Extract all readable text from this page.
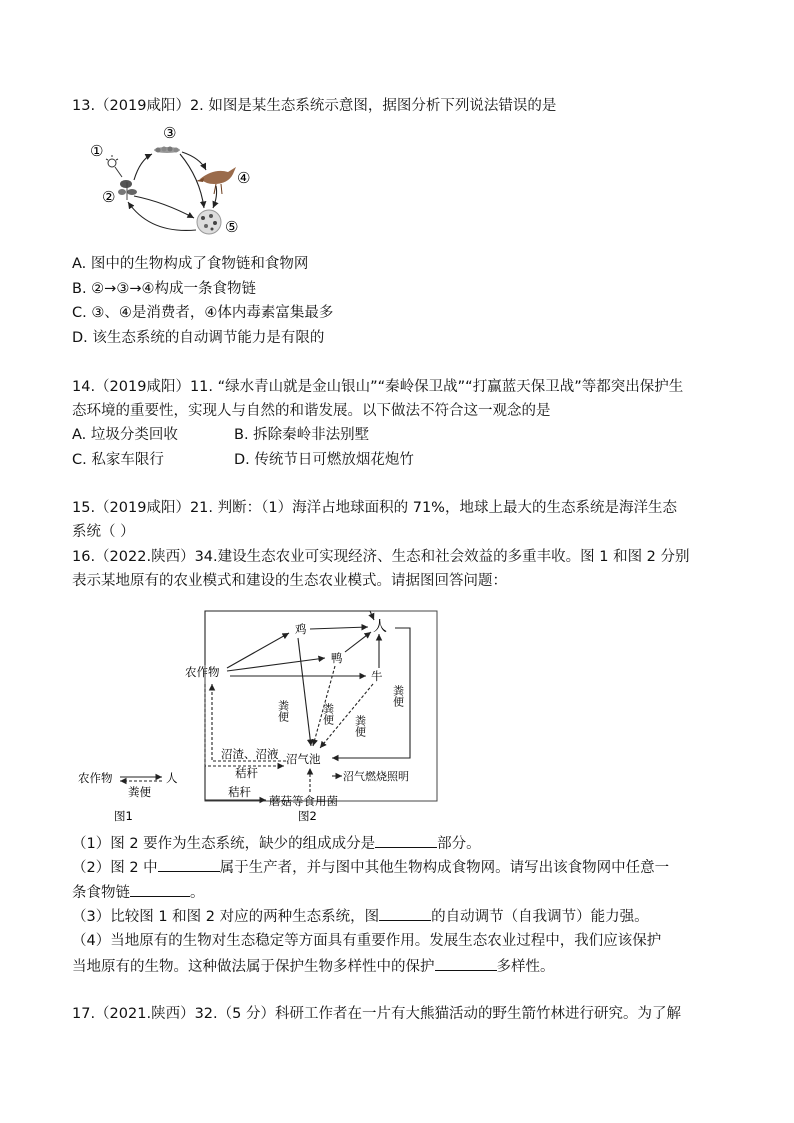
13.（2019咸阳）2. 如图是某生态系统示意图，据图分析下列说法错误的是
①
②
③
④
⑤
A. 图中的生物构成了食物链和食物网
B. ②→③→④构成一条食物链
C. ③、④是消费者，④体内毒素富集最多
D. 该生态系统的自动调节能力是有限的
14.（2019咸阳）11. “绿水青山就是金山银山”“秦岭保卫战”“打赢蓝天保卫战”等都突出保护生
态环境的重要性，实现人与自然的和谐发展。以下做法不符合这一观念的是
A. 垃圾分类回收	B. 拆除秦岭非法别墅
C. 私家车限行	D. 传统节日可燃放烟花炮竹
15.（2019咸阳）21. 判断：（1）海洋占地球面积的 71%，地球上最大的生态系统是海洋生态
系统（ ）
16.（2022.陕西）34.建设生态农业可实现经济、生态和社会效益的多重丰收。图 1 和图 2 分别
表示某地原有的农业模式和建设的生态农业模式。请据图回答问题：
鸡	人
鸭
农作物	牛
沼气池
蘑菇等食用菌
沼气燃烧照明
沼渣、沼液
秸秆
秸秆
粪便	粪便
粪便
粪便
农作物	人
粪便
图1	图2
（1）图 2 要作为生态系统，缺少的组成成分是	部分。
（2）图 2 中	属于生产者，并与图中其他生物构成食物网。请写出该食物网中任意一
条食物链	。
（3）比较图 1 和图 2 对应的两种生态系统，图	的自动调节（自我调节）能力强。
（4）当地原有的生物对生态稳定等方面具有重要作用。发展生态农业过程中，我们应该保护
当地原有的生物。这种做法属于保护生物多样性中的保护	多样性。
17.（2021.陕西）32.（5 分）科研工作者在一片有大熊猫活动的野生箭竹林进行研究。为了解
